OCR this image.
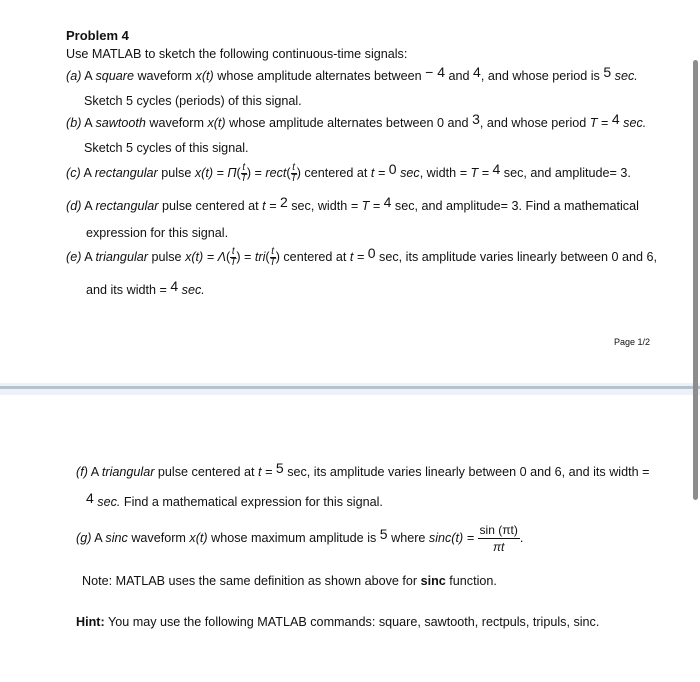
Problem 4
Use MATLAB to sketch the following continuous-time signals:
(a) A square waveform x(t) whose amplitude alternates between − 4 and 4, and whose period is 5 sec.
Sketch 5 cycles (periods) of this signal.
(b) A sawtooth waveform x(t) whose amplitude alternates between 0 and 3, and whose period T = 4 sec.
Sketch 5 cycles of this signal.
(c) A rectangular pulse $x(t) = \Pi( \frac{t}{T}$ ) = rect( $\frac{t}{T}$ ) centered at t = 0 sec, width = T = 4 sec, and amplitude= 3.
(d) A rectangular pulse centered at t = 2 sec, width = T = 4 sec, and amplitude= 3. Find a mathematical
expression for this signal.
(e) A triangular pulse $x(t) = \Lambda( \frac{t}{T}$ ) = $tri( \frac{t}{T}$ ) centered at t = 0 sec, its amplitude varies linearly between 0 and 6,
and its width = 4 sec.
Page 1/2
(f) A triangular pulse centered at t = 5 sec, its amplitude varies linearly between 0 and 6, and its width =
4 sec. Find a mathematical expression for this signal.
(g) A sinc waveform x(t) whose maximum amplitude is 5 where $\sin c(t) = \frac{\sin (\pi t)}{\pi t}$ .
Note: MATLAB uses the same definition as shown above for sinc function.
Hint: You may use the following MATLAB commands: square, sawtooth, rectpuls, tripuls, sinc.
